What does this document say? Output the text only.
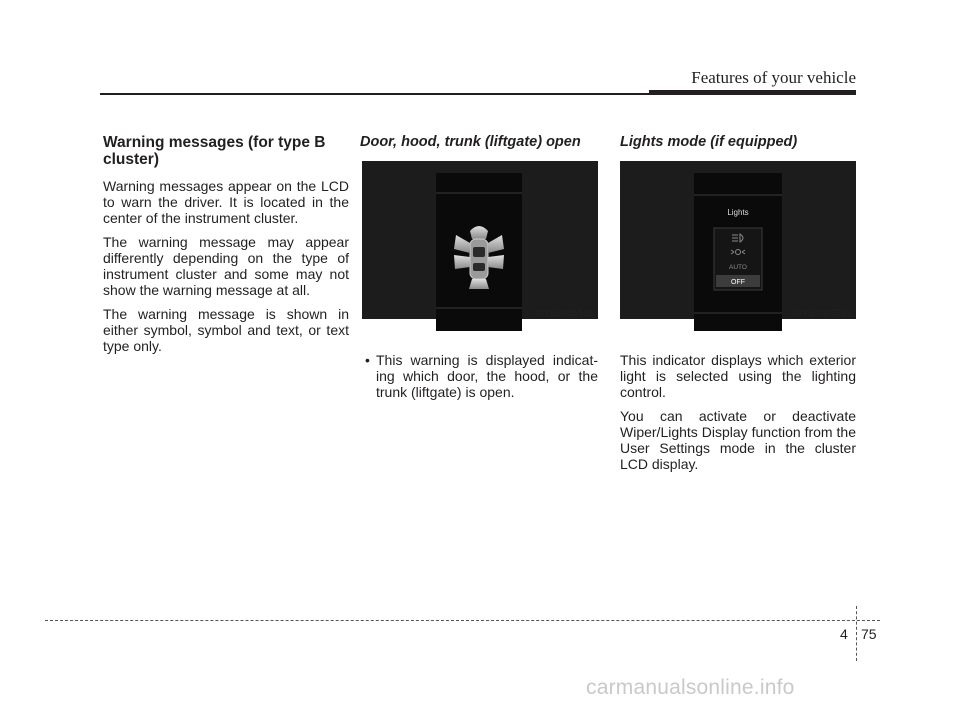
Features of your vehicle
Warning messages (for type B cluster)

Warning messages appear on the LCD to warn the driver. It is located in the center of the instrument cluster.

The warning message may appear differently depending on the type of instrument cluster and some may not show the warning message at all.

The warning message is shown in either symbol, symbol and text, or text type only.

Door, hood, trunk (liftgate) open
OYB040559L
• This warning is displayed indicat-ing which door, the hood, or the trunk (liftgate) is open.
Lights mode (if equipped)
Lights
AUTO
OFF
OYB040571L

This indicator displays which exterior light is selected using the lighting control.

You can activate or deactivate Wiper/Lights Display function from the User Settings mode in the cluster LCD display.

4 75
carmanualsonline.info
